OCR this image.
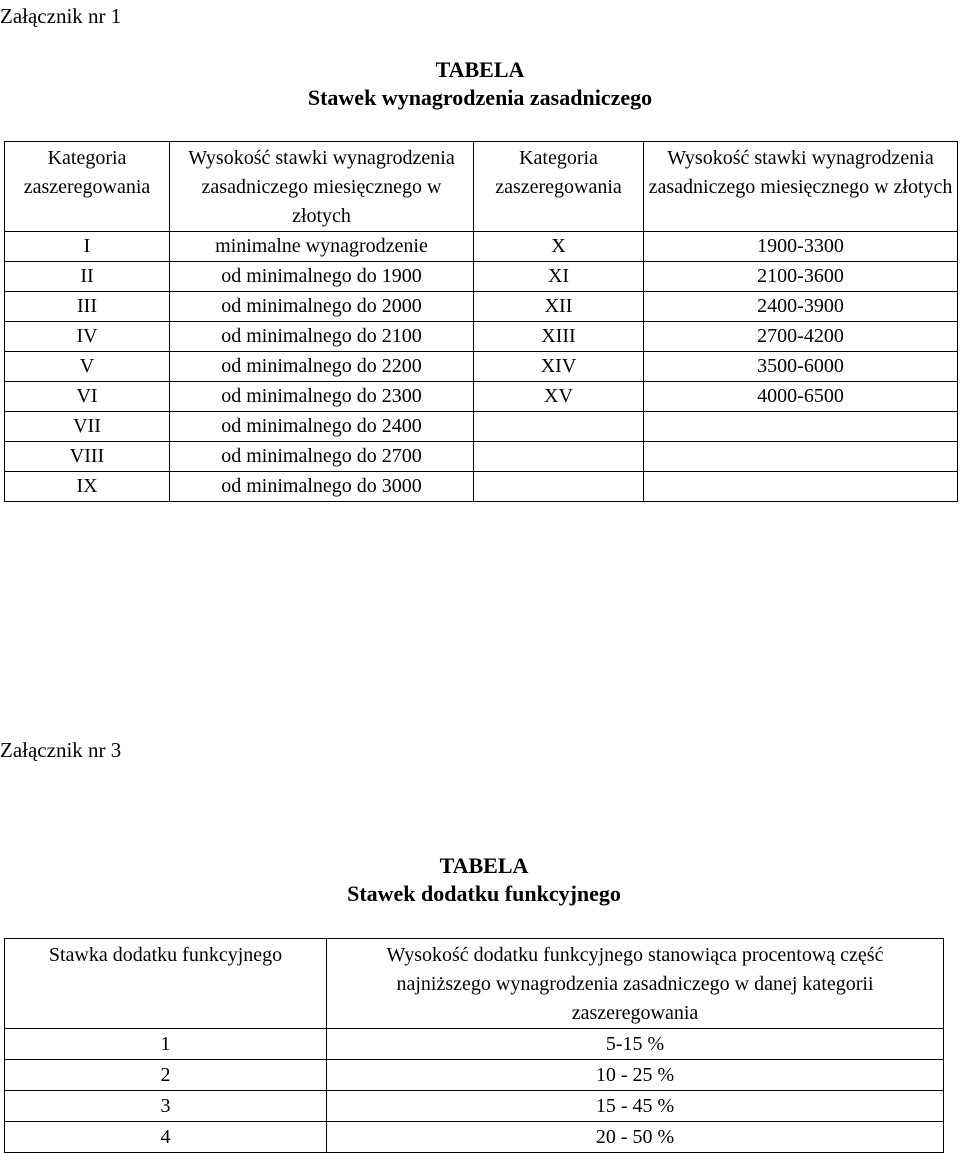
Załącznik nr 1
TABELA
Stawek wynagrodzenia zasadniczego
Kategoria zaszeregowania	Wysokość stawki wynagrodzenia zasadniczego miesięcznego w złotych	Kategoria zaszeregowania	Wysokość stawki wynagrodzenia zasadniczego miesięcznego w złotych
I	minimalne wynagrodzenie	X	1900-3300
II	od minimalnego do 1900	XI	2100-3600
III	od minimalnego do 2000	XII	2400-3900
IV	od minimalnego do 2100	XIII	2700-4200
V	od minimalnego do 2200	XIV	3500-6000
VI	od minimalnego do 2300	XV	4000-6500
VII	od minimalnego do 2400		
VIII	od minimalnego do 2700		
IX	od minimalnego do 3000		
Załącznik nr 3
TABELA
Stawek dodatku funkcyjnego
Stawka dodatku funkcyjnego	Wysokość dodatku funkcyjnego stanowiąca procentową część najniższego wynagrodzenia zasadniczego w danej kategorii zaszeregowania
1	5-15 %
2	10 - 25 %
3	15 - 45 %
4	20 - 50 %
